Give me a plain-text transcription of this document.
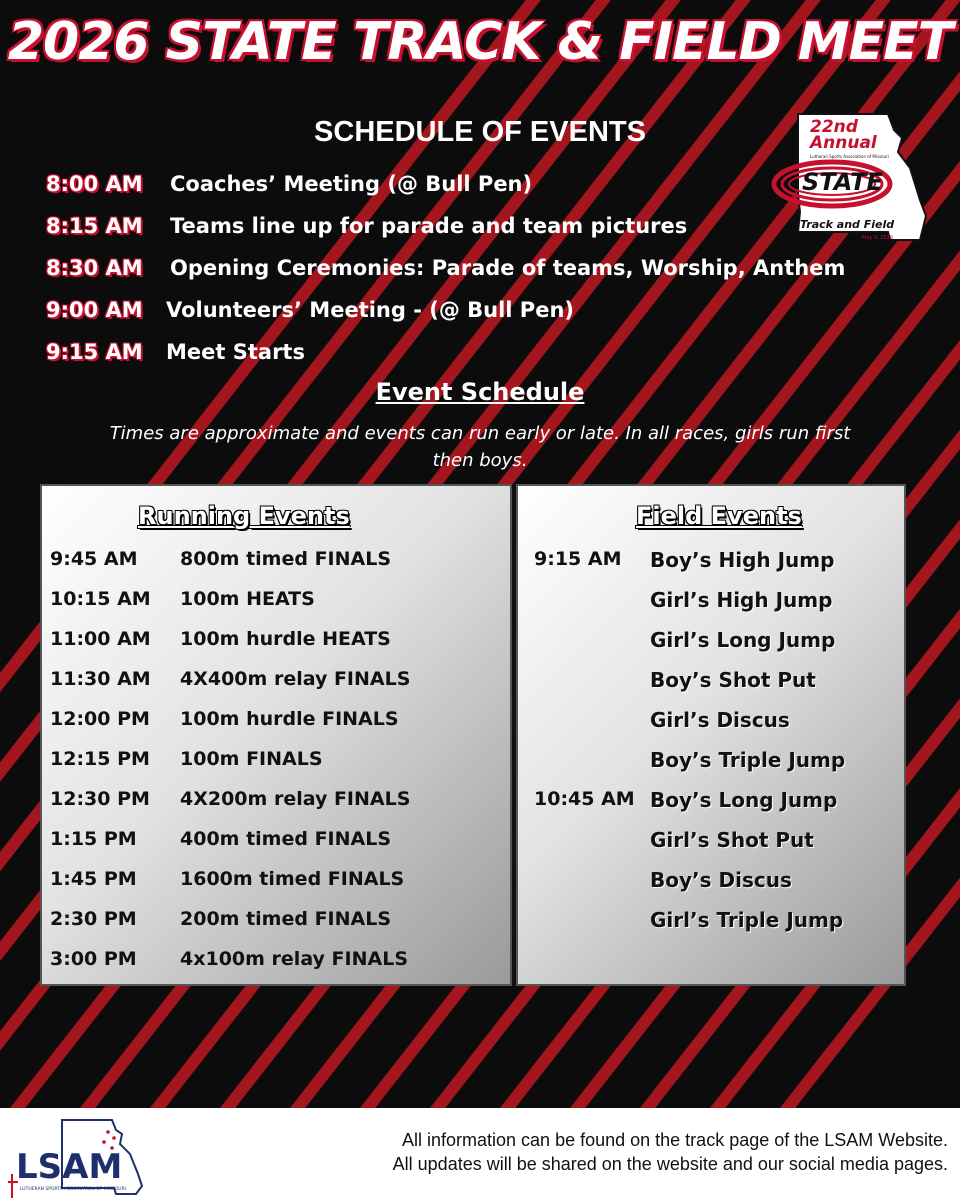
2026 STATE TRACK & FIELD MEET
SCHEDULE OF EVENTS	22nd
Annual
Lutheran Sports Association of Missouri
STATE
Track and Field
May 9, 2026
8:00 AM Coaches’ Meeting (@ Bull Pen)
8:15 AM Teams line up for parade and team pictures
8:30 AM Opening Ceremonies: Parade of teams, Worship, Anthem
9:00 AM Volunteers’ Meeting - (@ Bull Pen)
9:15 AM Meet Starts
Event Schedule
Times are approximate and events can run early or late. In all races, girls run first then boys.
Running Events
9:45 AM 800m timed FINALS
10:15 AM 100m HEATS
11:00 AM 100m hurdle HEATS
11:30 AM 4X400m relay FINALS
12:00 PM 100m hurdle FINALS
12:15 PM 100m FINALS
12:30 PM 4X200m relay FINALS
1:15 PM 400m timed FINALS
1:45 PM 1600m timed FINALS
2:30 PM 200m timed FINALS
3:00 PM 4x100m relay FINALS
Field Events
9:15 AM Boy’s High Jump
Girl’s High Jump
Girl’s Long Jump
Boy’s Shot Put
Girl’s Discus
Boy’s Triple Jump
10:45 AM Boy’s Long Jump
Girl’s Shot Put
Boy’s Discus
Girl’s Triple Jump
LSAM
LUTHERAN SPORTS ASSOCIATION OF MISSOURI
All information can be found on the track page of the LSAM Website.
All updates will be shared on the website and our social media pages.
